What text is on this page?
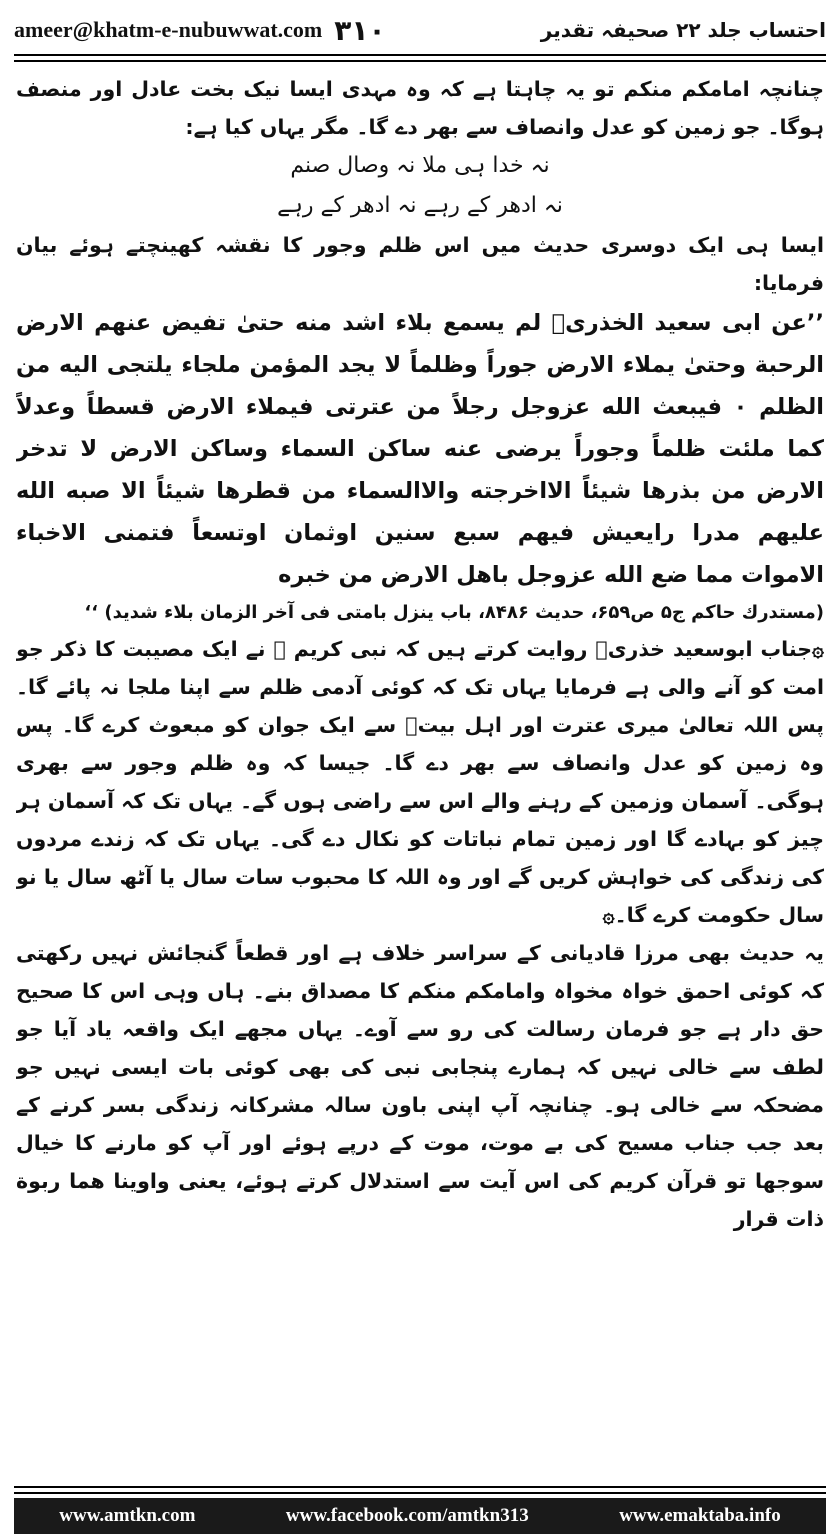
ameer@khatm-e-nubuwwat.com ۳۱۰	احتساب جلد ۲۲ صحیفہ تقدیر

چنانچہ امامکم منکم تو یہ چاہتا ہے کہ وہ مہدی ایسا نیک بخت عادل اور منصف ہوگا۔ جو زمین کو عدل وانصاف سے بھر دے گا۔ مگر یہاں کیا ہے:

نہ خدا ہی ملا نہ وصال صنم

نہ ادھر کے رہے نہ ادھر کے رہے

ایسا ہی ایک دوسری حدیث میں اس ظلم وجور کا نقشہ کھینچتے ہوئے بیان فرمایا:

’’عن ابی سعید الخذریؓ لم یسمع بلاء اشد منه حتیٰ تفیض عنهم الارض الرحبة وحتیٰ یملاء الارض جوراً وظلماً لا یجد المؤمن ملجاء یلتجی الیه من الظلم ۰ فیبعث الله عزوجل رجلاً من عترتی فیملاء الارض قسطاً وعدلاً کما ملئت ظلماً وجوراً یرضی عنه ساکن السماء وساکن الارض لا تدخر الارض من بذرها شیئاً الااخرجته والاالسماء من قطرها شیئاً الا صبه الله علیهم مدرا رایعیش فیهم سبع سنین اوثمان اوتسعاً فتمنی الاخباء الاموات مما ضع الله عزوجل باهل الارض من خبره

(مستدرك حاکم ج۵ ص۶۵۹، حدیث ۸۴۸۶، باب ینزل بامتی فی آخر الزمان بلاء شدید) ‘‘

۞جناب ابوسعید خذریؓ روایت کرتے ہیں کہ نبی کریم ﷺ نے ایک مصیبت کا ذکر جو امت کو آنے والی ہے فرمایا یہاں تک کہ کوئی آدمی ظلم سے اپنا ملجا نہ پائے گا۔ پس اللہ تعالیٰ میری عترت اور اہل بیتؓ سے ایک جوان کو مبعوث کرے گا۔ پس وہ زمین کو عدل وانصاف سے بھر دے گا۔ جیسا کہ وہ ظلم وجور سے بھری ہوگی۔ آسمان وزمین کے رہنے والے اس سے راضی ہوں گے۔ یہاں تک کہ آسمان ہر چیز کو بہادے گا اور زمین تمام نباتات کو نکال دے گی۔ یہاں تک کہ زندے مردوں کی زندگی کی خواہش کریں گے اور وہ اللہ کا محبوب سات سال یا آٹھ سال یا نو سال حکومت کرے گا۔۞

یہ حدیث بھی مرزا قادیانی کے سراسر خلاف ہے اور قطعاً گنجائش نہیں رکھتی کہ کوئی احمق خواہ مخواہ وامامکم منکم کا مصداق بنے۔ ہاں وہی اس کا صحیح حق دار ہے جو فرمان رسالت کی رو سے آوے۔ یہاں مجھے ایک واقعہ یاد آیا جو لطف سے خالی نہیں کہ ہمارے پنجابی نبی کی بھی کوئی بات ایسی نہیں جو مضحکہ سے خالی ہو۔ چنانچہ آپ اپنی باون سالہ مشرکانہ زندگی بسر کرنے کے بعد جب جناب مسیح کی بے موت، موت کے درپے ہوئے اور آپ کو مارنے کا خیال سوجھا تو قرآن کریم کی اس آیت سے استدلال کرتے ہوئے، یعنی واوینا هما ربوة ذات قرار

www.amtkn.com	www.facebook.com/amtkn313	www.emaktaba.info
